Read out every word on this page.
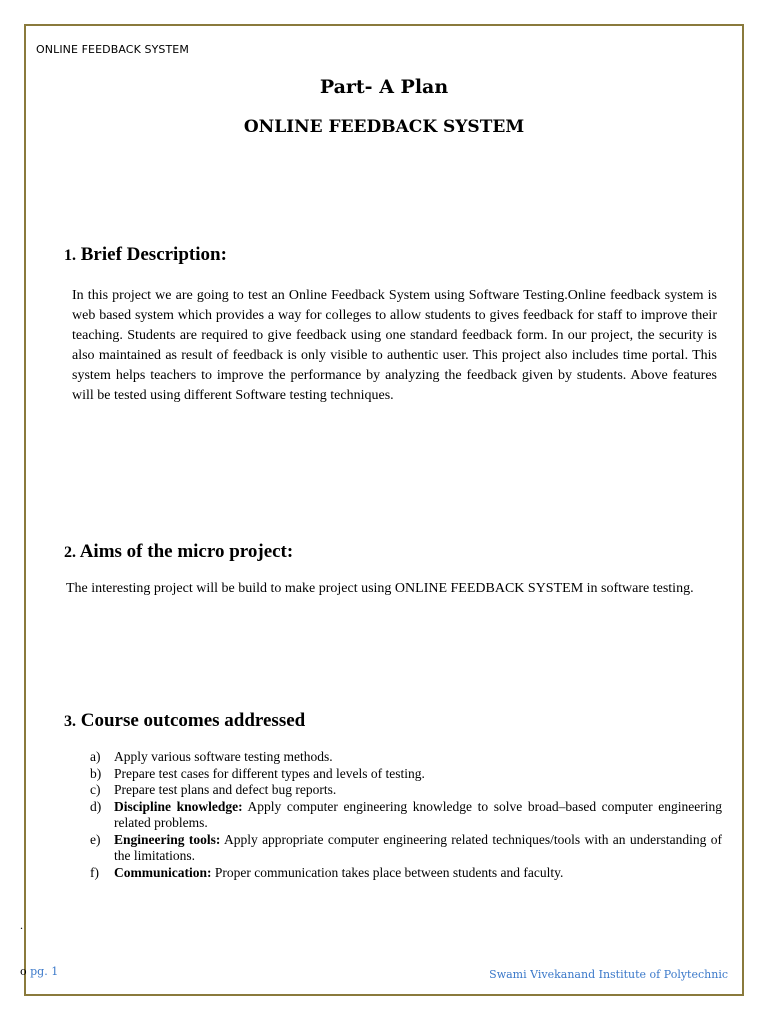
ONLINE FEEDBACK SYSTEM
Part- A Plan
ONLINE FEEDBACK SYSTEM
1. Brief Description:
In this project we are going to test an Online Feedback System using Software Testing.Online feedback system is web based system which provides a way for colleges to allow students to gives feedback for staff to improve their teaching. Students are required to give feedback using one standard feedback form. In our project, the security is also maintained as result of feedback is only visible to authentic user. This project also includes time portal. This system helps teachers to improve the performance by analyzing the feedback given by students. Above features will be tested using different Software testing techniques.
2. Aims of the micro project:
The interesting project will be build to make project using ONLINE FEEDBACK SYSTEM in software testing.
3. Course outcomes addressed
a)	Apply various software testing methods.
b) Prepare test cases for different types and levels of testing.
c)	Prepare test plans and defect bug reports.
d) Discipline knowledge: Apply computer engineering knowledge to solve broad–based computer engineering related problems.
e)	Engineering tools: Apply appropriate computer engineering related techniques/tools with an understanding of the limitations.
f)	Communication: Proper communication takes place between students and faculty.
.
o pg. 1	Swami Vivekanand Institute of Polytechnic
